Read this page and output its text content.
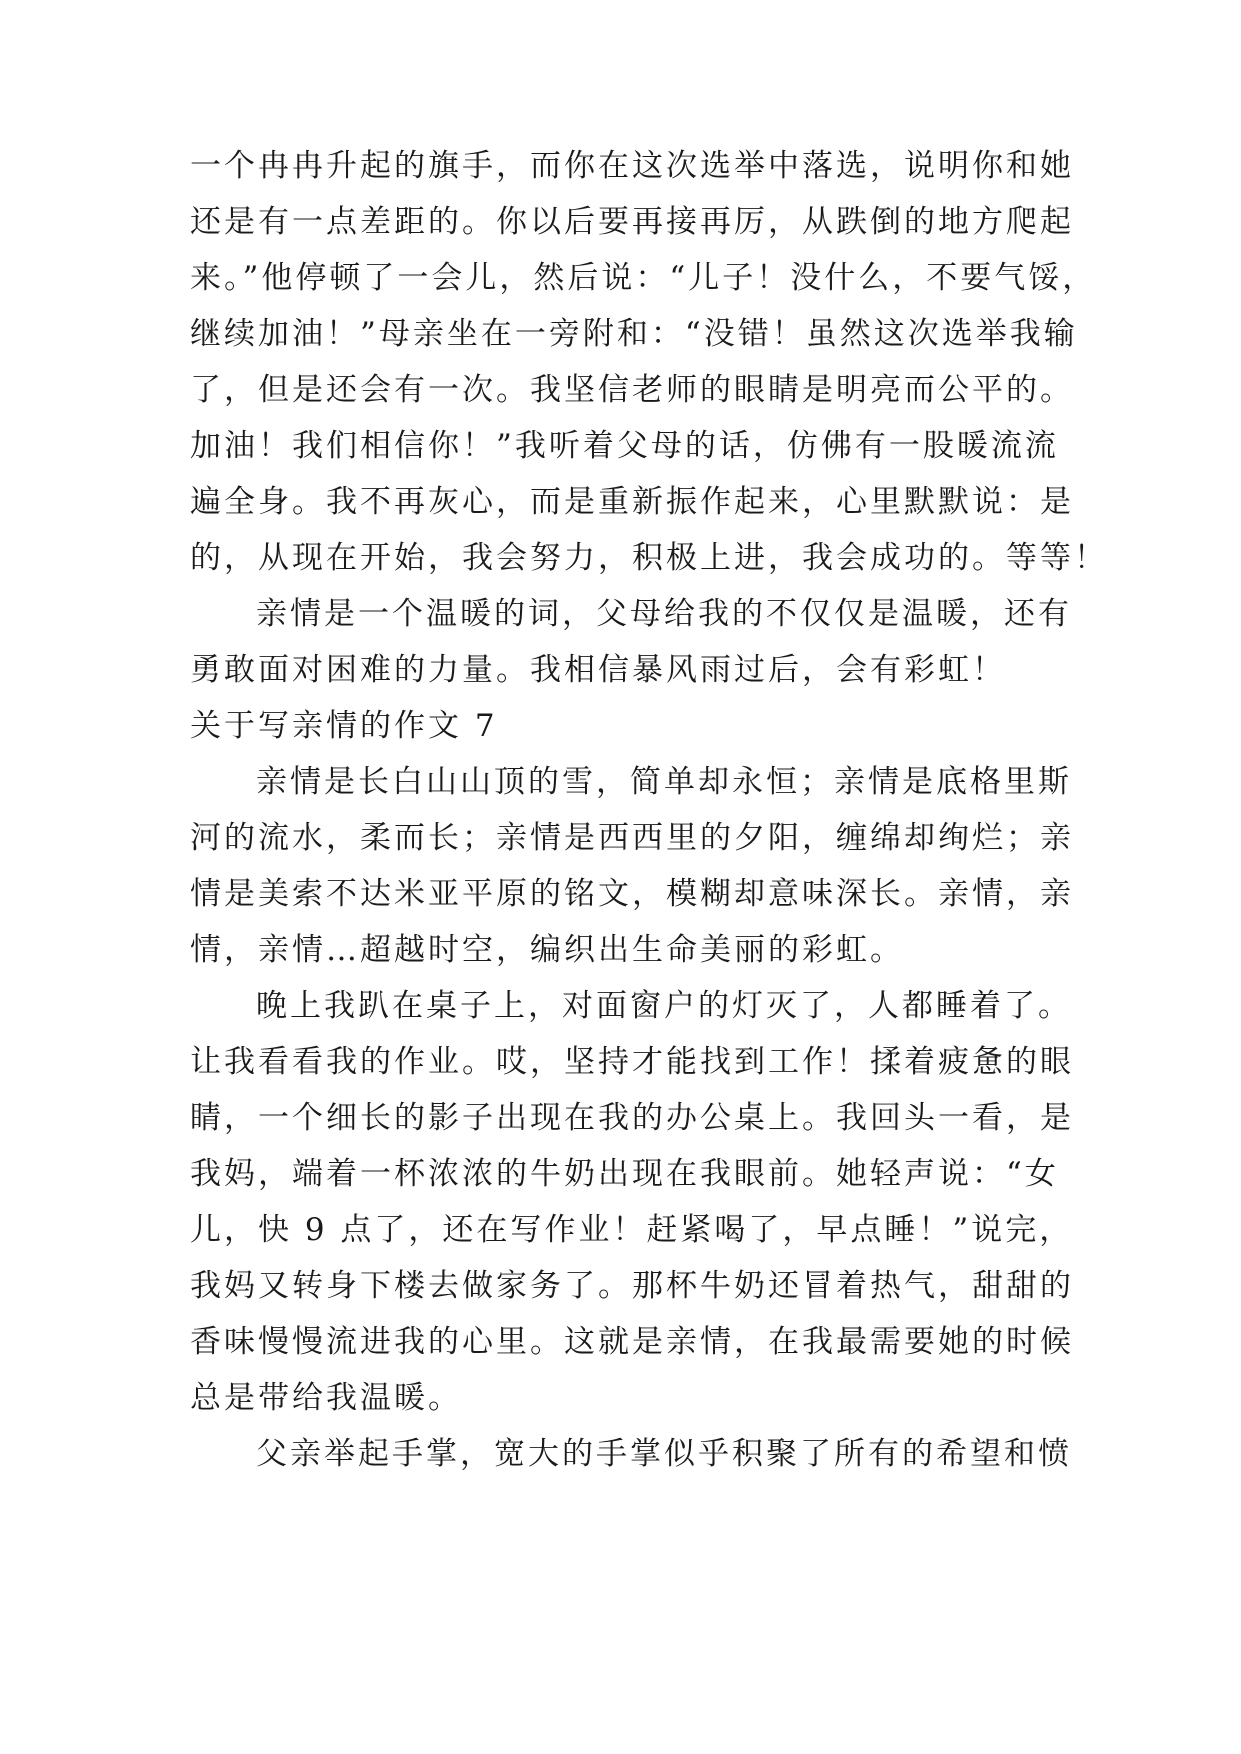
一个冉冉升起的旗手，而你在这次选举中落选，说明你和她
还是有一点差距的。你以后要再接再厉，从跌倒的地方爬起
来。”他停顿了一会儿，然后说：“儿子！没什么，不要气馁，
继续加油！”母亲坐在一旁附和：“没错！虽然这次选举我输
了，但是还会有一次。我坚信老师的眼睛是明亮而公平的。
加油！我们相信你！”我听着父母的话，仿佛有一股暖流流
遍全身。我不再灰心，而是重新振作起来，心里默默说：是
的，从现在开始，我会努力，积极上进，我会成功的。等等！
亲情是一个温暖的词，父母给我的不仅仅是温暖，还有
勇敢面对困难的力量。我相信暴风雨过后，会有彩虹！
关于写亲情的作文 7
亲情是长白山山顶的雪，简单却永恒；亲情是底格里斯
河的流水，柔而长；亲情是西西里的夕阳，缠绵却绚烂；亲
情是美索不达米亚平原的铭文，模糊却意味深长。亲情，亲
情，亲情…超越时空，编织出生命美丽的彩虹。
晚上我趴在桌子上，对面窗户的灯灭了，人都睡着了。
让我看看我的作业。哎，坚持才能找到工作！揉着疲惫的眼
睛，一个细长的影子出现在我的办公桌上。我回头一看，是
我妈，端着一杯浓浓的牛奶出现在我眼前。她轻声说：“女
儿，快 9 点了，还在写作业！赶紧喝了，早点睡！”说完，
我妈又转身下楼去做家务了。那杯牛奶还冒着热气，甜甜的
香味慢慢流进我的心里。这就是亲情，在我最需要她的时候
总是带给我温暖。
父亲举起手掌，宽大的手掌似乎积聚了所有的希望和愤
